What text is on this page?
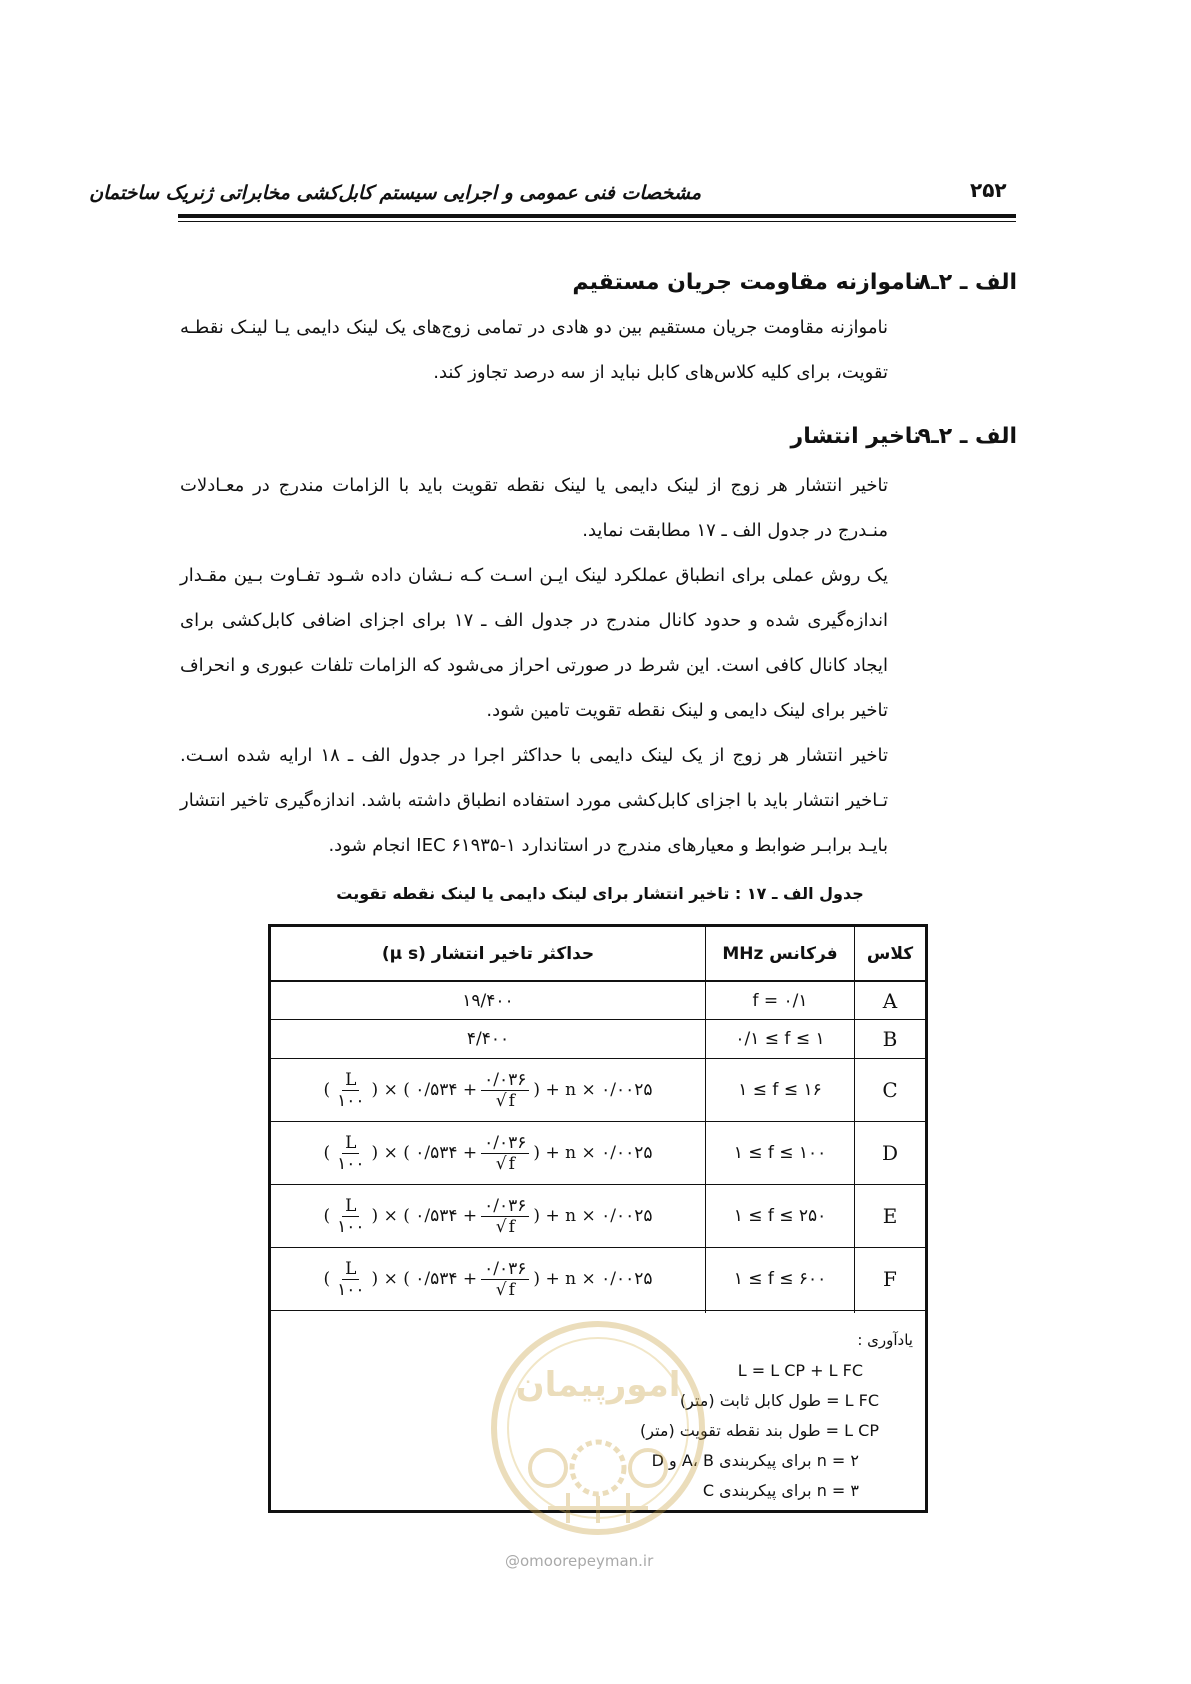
مشخصات فنی عمومی و اجرایی سیستم کابل‌کشی مخابراتی ژنریک ساختمان	۲۵۲
الف ـ ۲ـ۸ ناموازنه مقاومت جریان مستقیم
ناموازنه مقاومت جریان مستقیم بین دو هادی در تمامی زوج‌های یک لینک دایمی یـا لینـک نقطـه تقویت، برای کلیه کلاس‌های کابل نباید از سه درصد تجاوز کند.
الف ـ ۲ـ۹ تاخیر انتشار
تاخیر انتشار هر زوج از لینک دایمی یا لینک نقطه تقویت باید با الزامات مندرج در معـادلات منـدرج در جدول الف ـ ۱۷ مطابقت نماید.
یک روش عملی برای انطباق عملکرد لینک ایـن اسـت کـه نـشان داده شـود تفـاوت بـین مقـدار اندازه‌گیری شده و حدود کانال مندرج در جدول الف ـ ۱۷ برای اجزای اضافی کابل‌کشی برای ایجاد کانال کافی است. این شرط در صورتی احراز می‌شود که الزامات تلفات عبوری و انحراف تاخیر برای لینک دایمی و لینک نقطه تقویت تامین شود.
تاخیر انتشار هر زوج از یک لینک دایمی با حداکثر اجرا در جدول الف ـ ۱۸ ارایه شده اسـت. تـاخیر انتشار باید با اجزای کابل‌کشی مورد استفاده انطباق داشته باشد. اندازه‌گیری تاخیر انتشار بایـد برابـر ضوابط و معیارهای مندرج در استاندارد IEC ۶۱۹۳۵-۱ انجام شود.
جدول الف ـ ۱۷ : تاخیر انتشار برای لینک دایمی یا لینک نقطه تقویت
کلاس
فرکانس MHz
حداکثر تاخیر انتشار (µ s)
A
f = ۰/۱
۱۹/۴۰۰
B
۰/۱ ≤ f ≤ ۱
۴/۴۰۰
C
۱ ≤ f ≤ ۱۶
( $\frac{L}{۱۰۰}$ ) × ( ۰/۵۳۴ + $\frac{۰/۰۳۶}{√ f}$ ) + n × ۰/۰۰۲۵
D
۱ ≤ f ≤ ۱۰۰
( $\frac{L}{۱۰۰}$ ) × ( ۰/۵۳۴ + $\frac{۰/۰۳۶}{√ f}$ ) + n × ۰/۰۰۲۵
E
۱ ≤ f ≤ ۲۵۰
( $\frac{L}{۱۰۰}$ ) × ( ۰/۵۳۴ + $\frac{۰/۰۳۶}{√ f}$ ) + n × ۰/۰۰۲۵
F
۱ ≤ f ≤ ۶۰۰
( $\frac{L}{۱۰۰}$ ) × ( ۰/۵۳۴ + $\frac{۰/۰۳۶}{√ f}$ ) + n × ۰/۰۰۲۵
یادآوری :
L = L CP + L FC
L FC = طول کابل ثابت (متر)
L CP = طول بند نقطه تقویت (متر)
n = ۲ برای پیکربندی A، B و D
n = ۳ برای پیکربندی C
امورپیمان
@omoorepeyman.ir
